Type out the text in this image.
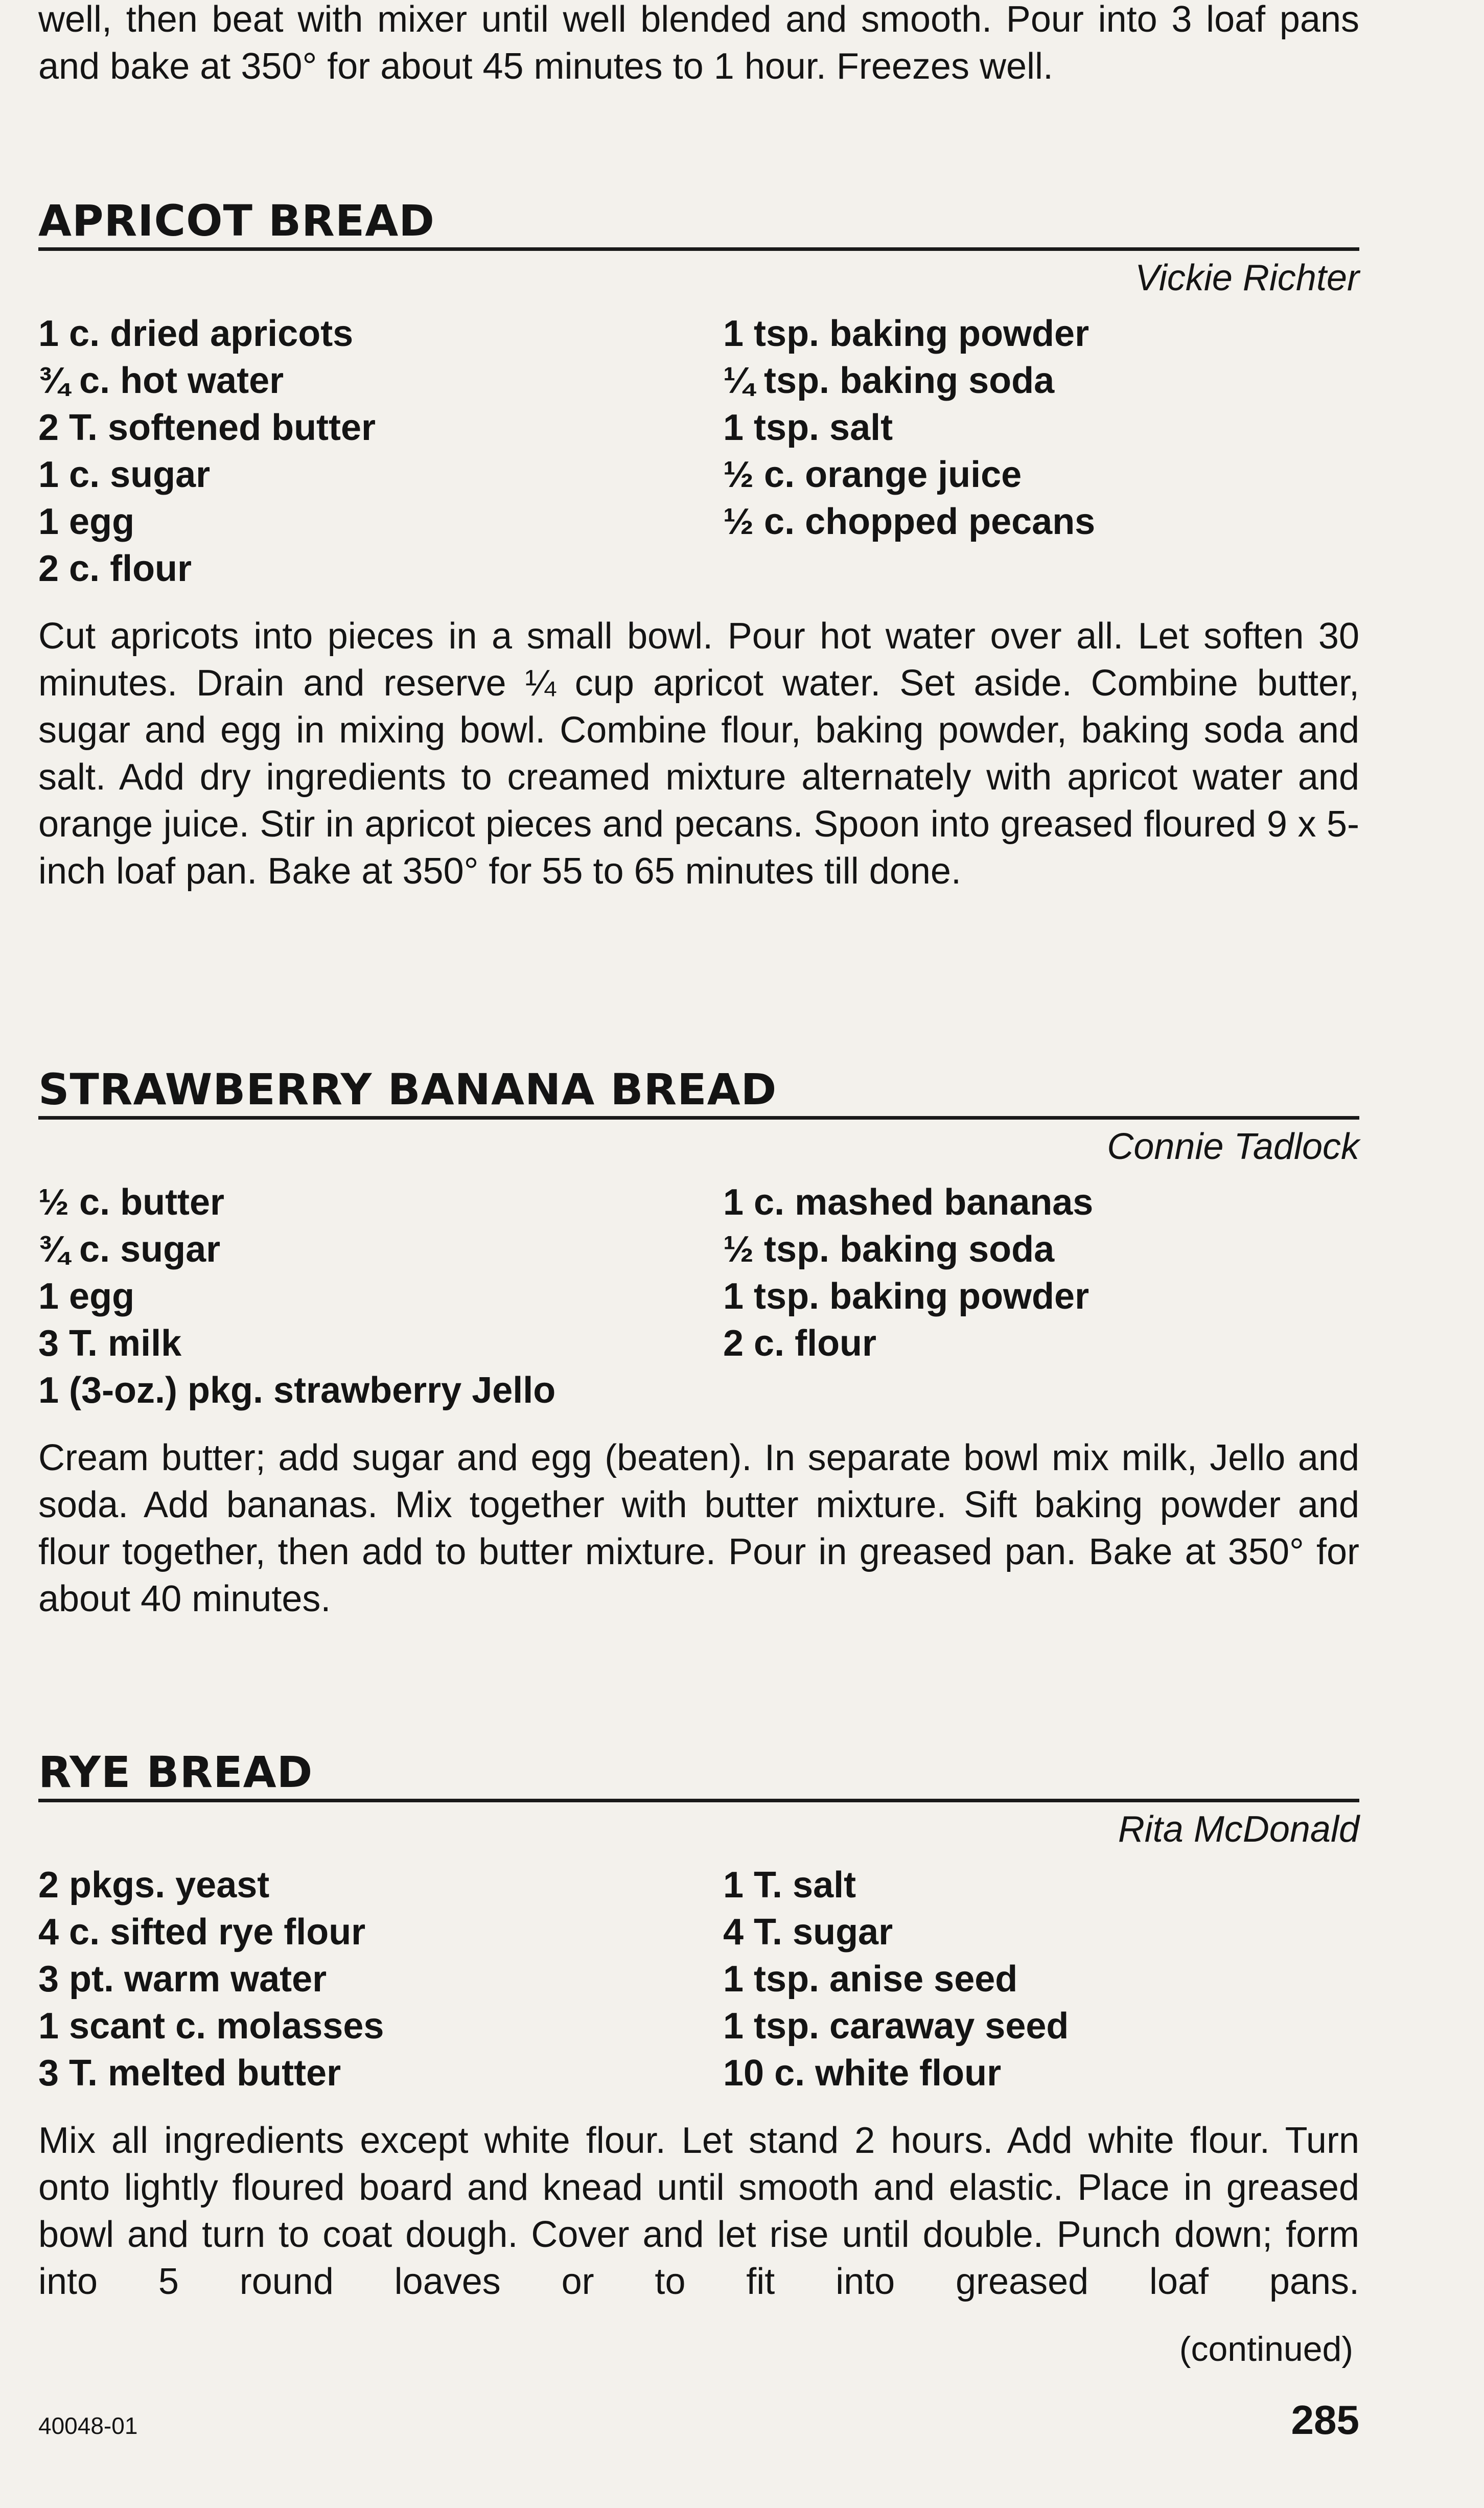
well, then beat with mixer until well blended and smooth. Pour into 3 loaf pans and bake at 350° for about 45 minutes to 1 hour. Freezes well.

APRICOT BREAD
Vickie Richter
1 c. dried apricots	1 tsp. baking powder
¾ c. hot water	¼ tsp. baking soda
2 T. softened butter	1 tsp. salt
1 c. sugar	½ c. orange juice
1 egg	½ c. chopped pecans
2 c. flour

Cut apricots into pieces in a small bowl. Pour hot water over all. Let soften 30 minutes. Drain and reserve ¼ cup apricot water. Set aside. Combine butter, sugar and egg in mixing bowl. Combine flour, baking powder, baking soda and salt. Add dry ingredients to creamed mixture alternately with apricot water and orange juice. Stir in apricot pieces and pecans. Spoon into greased floured 9 x 5-inch loaf pan. Bake at 350° for 55 to 65 minutes till done.

STRAWBERRY BANANA BREAD
Connie Tadlock
½ c. butter	1 c. mashed bananas
¾ c. sugar	½ tsp. baking soda
1 egg	1 tsp. baking powder
3 T. milk	2 c. flour
1 (3-oz.) pkg. strawberry Jello

Cream butter; add sugar and egg (beaten). In separate bowl mix milk, Jello and soda. Add bananas. Mix together with butter mixture. Sift baking powder and flour together, then add to butter mixture. Pour in greased pan. Bake at 350° for about 40 minutes.

RYE BREAD
Rita McDonald
2 pkgs. yeast	1 T. salt
4 c. sifted rye flour	4 T. sugar
3 pt. warm water	1 tsp. anise seed
1 scant c. molasses	1 tsp. caraway seed
3 T. melted butter	10 c. white flour

Mix all ingredients except white flour. Let stand 2 hours. Add white flour. Turn onto lightly floured board and knead until smooth and elastic. Place in greased bowl and turn to coat dough. Cover and let rise until double. Punch down; form into 5 round loaves or to fit into greased loaf pans.

(continued)
40048-01	285
